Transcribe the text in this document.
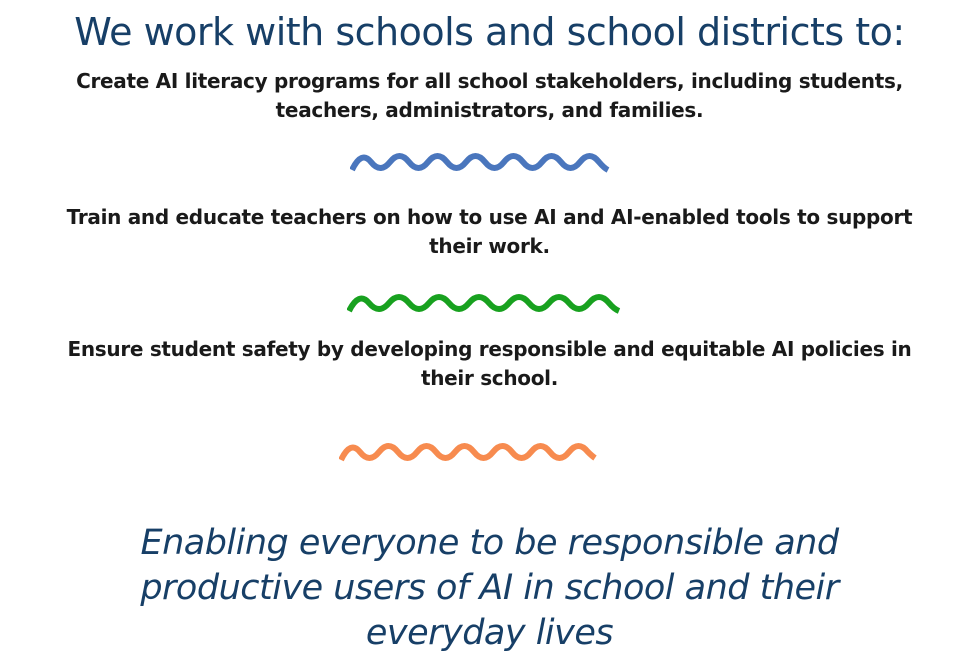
We work with schools and school districts to:
Create AI literacy programs for all school stakeholders, including students,
teachers, administrators, and families.
Train and educate teachers on how to use AI and AI-enabled tools to support
their work.
Ensure student safety by developing responsible and equitable AI policies in
their school.
Enabling everyone to be responsible and
productive users of AI in school and their
everyday lives
